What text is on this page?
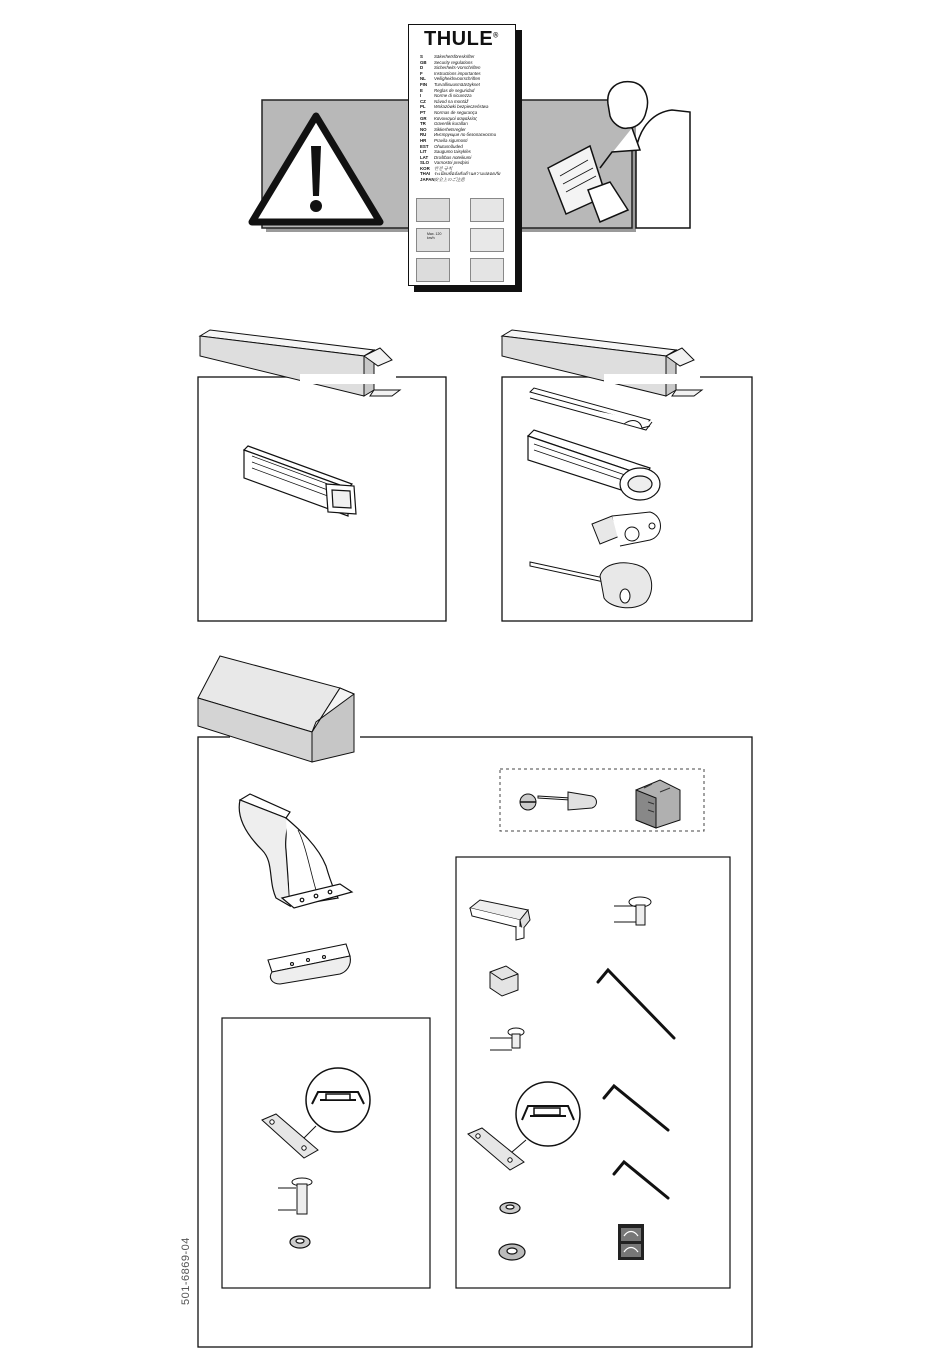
THULE®
S	Säkerhetsföreskrifter
GB Security regulations
D Sicherheits-Vorschriften
F	Instructions importantes
NL Veiligheidsvoorschriften
FIN Turvallisuusmääräykset
E	Reglas de seguridad
I	Norme di sicurezza
CZ Návod na montáž
PL Wskazówki bezpieczeństwa
PT Normas de segurança
GR Κανονισμοί ασφαλείας
TR Güvenlik kuralları
NO Sikkerhetsregler
RU Инструкция по безопасности
HR Pravila sigurnosti
EST Ohutusnõuded
LIT Saugumo taisyklės
LAT Drošības noteikumi
SLO Varnostni predpisi
KOR 안전 규칙
THAI ระเบียบข้อบังคับด้านความปลอดภัย
JAPAN安全上のご注意
Max. 120 km/h
501-6869-04
